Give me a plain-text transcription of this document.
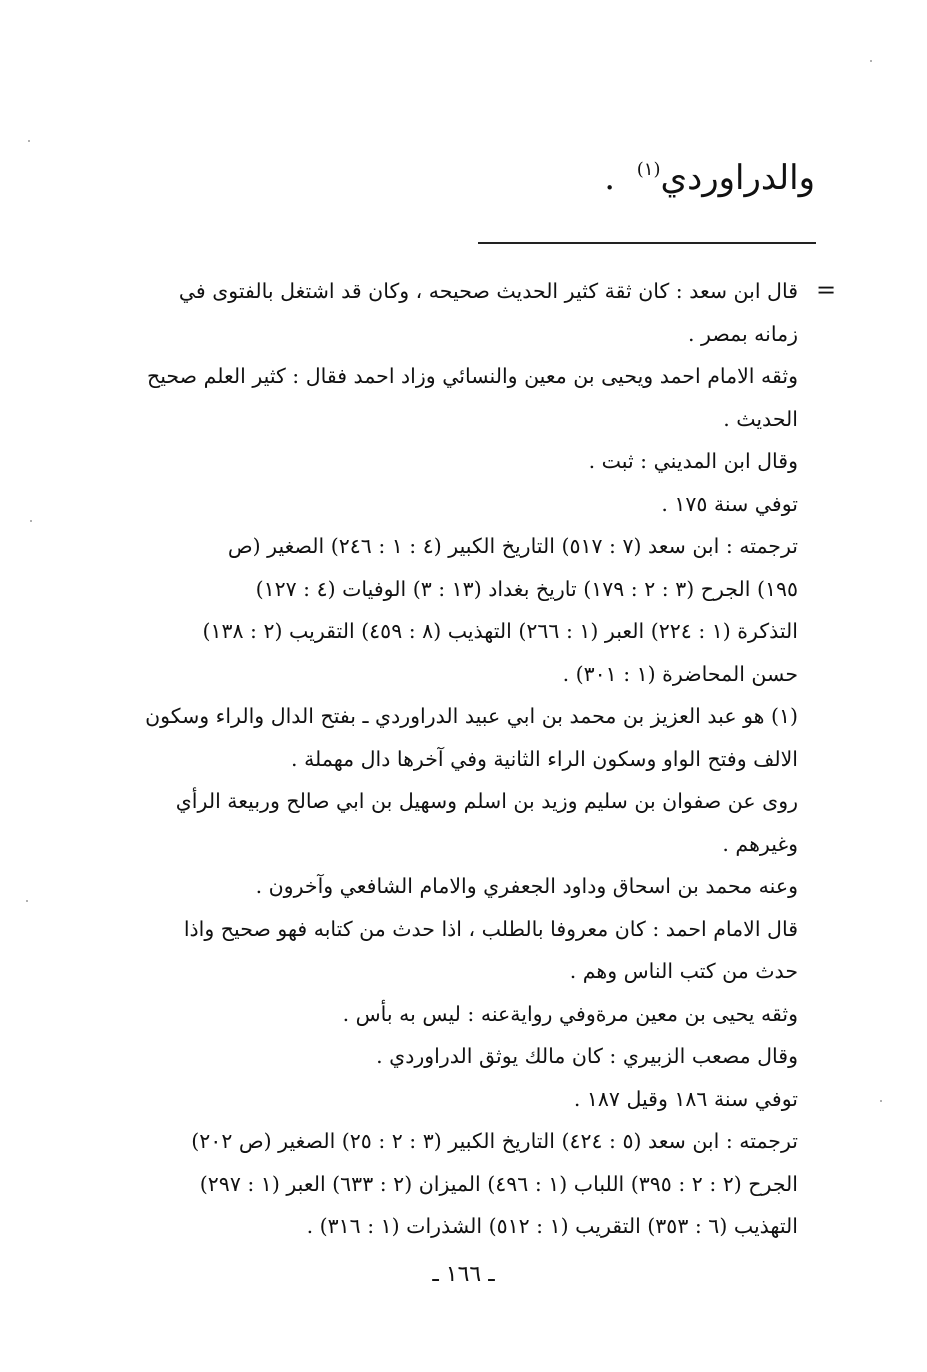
والدراوردي$^{(١)}$  .
=

قال ابن سعد : كان ثقة كثير الحديث صحيحه ، وكان قد اشتغل بالفتوى في

زمانه بمصر .

وثقه الامام احمد ويحيى بن معين والنسائي وزاد احمد فقال : كثير العلم صحيح

الحديث .

وقال ابن المديني : ثبت .

توفي سنة ١٧٥ .

ترجمته : ابن سعد (٧ : ٥١٧) التاريخ الكبير (٤ : ١ : ٢٤٦) الصغير (ص

١٩٥) الجرح (٣ : ٢ : ١٧٩) تاريخ بغداد (١٣ : ٣) الوفيات (٤ : ١٢٧)

التذكرة (١ : ٢٢٤) العبر (١ : ٢٦٦) التهذيب (٨ : ٤٥٩) التقريب (٢ : ١٣٨)

حسن المحاضرة (١ : ٣٠١) .

(١) هو عبد العزيز بن محمد بن ابي عبيد الدراوردي ـ بفتح الدال والراء وسكون

الالف وفتح الواو وسكون الراء الثانية وفي آخرها دال مهملة .

روى عن صفوان بن سليم وزيد بن اسلم وسهيل بن ابي صالح وربيعة الرأي

وغيرهم .

وعنه محمد بن اسحاق وداود الجعفري والامام الشافعي وآخرون .

قال الامام احمد : كان معروفا بالطلب ، اذا حدث من كتابه فهو صحيح واذا

حدث من كتب الناس وهم .

وثقه يحيى بن معين مرةوفي روايةعنه : ليس به بأس .

وقال مصعب الزبيري : كان مالك يوثق الدراوردي .

توفي سنة ١٨٦ وقيل ١٨٧ .

ترجمته : ابن سعد (٥ : ٤٢٤) التاريخ الكبير (٣ : ٢ : ٢٥) الصغير (ص ٢٠٢)

الجرح (٢ : ٢ : ٣٩٥) اللباب (١ : ٤٩٦) الميزان (٢ : ٦٣٣) العبر (١ : ٢٩٧)

التهذيب (٦ : ٣٥٣) التقريب (١ : ٥١٢) الشذرات (١ : ٣١٦) .

ـ ١٦٦ ـ
